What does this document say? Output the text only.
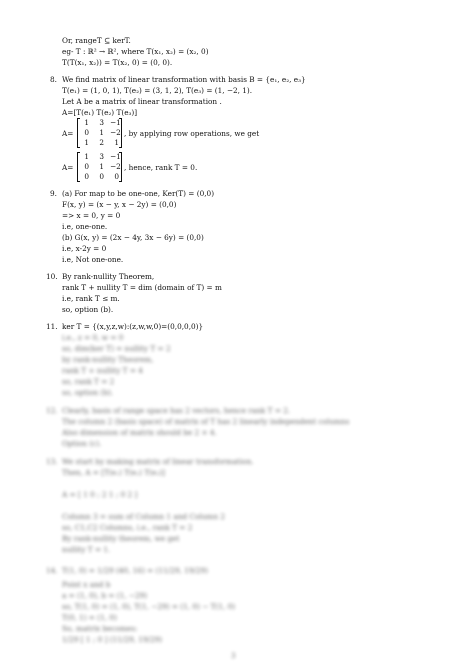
Or, rangeT ⊆ kerT.
eg- T : ℝ² → ℝ², where T(x₁, x₂) = (x₂, 0)
T(T(x₁, x₂)) = T(x₂, 0) = (0, 0).
8. We find matrix of linear transformation with basis B = {e₁, e₂, e₃}
T(e₁) = (1, 0, 1), T(e₂) = (3, 1, 2), T(e₃) = (1, −2, 1).
Let A be a matrix of linear transformation .
A=[T(e₁) T(e₂) T(e₃)]
A=
1	3 −1
0	1 −2
1	2	1
, by applying row operations, we get
A=
1	3 −1
0	1 −2
0	0	0
, hence, rank T = 0.
9. (a) For map to be one-one, Ker(T) = (0,0)
F(x, y) = (x − y, x − 2y) = (0,0)
=> x = 0, y = 0
i.e, one-one.
(b) G(x, y) = (2x − 4y, 3x − 6y) = (0,0)
i.e, x-2y = 0
i.e, Not one-one.
10. By rank-nullity Theorem,
rank T + nullity T = dim (domain of T) = m
i.e, rank T ≤ m.
so, option (b).
11. ker T = {(x,y,z,w):(z,w,w,0)=(0,0,0,0)}
i.e., z = 0, w = 0
so, dim(ker T) = nullity T = 2
by rank-nullity Theorem,
rank T + nullity T = 4
so, rank T = 2
so, option (b).
12. Clearly, basis of range space has 2 vectors, hence rank T = 2.
The column 2 (basis space) of matrix of T has 2 linearly independent columns
Also dimension of matrix should be 2 × 4.
Option (c).
13. We start by making matrix of linear transformation.
Then, A = [T(e₁) T(e₂) T(e₃)]
A = [ 1 0 ; 2 1 ; 0 2 ]
Column 3 = sum of Column 1 and Column 2
so, C1,C2 Columns, i.e., rank T = 2
By rank-nullity theorem, we get
nullity T = 1.
14. T(1, 0) = 1/29 (40, 16) = (11/29, 19/29)
Point x and b
a = (1, 0), b = (1, −29)
so, T(1, 0) = (1, 0), T(1, −29) = (1, 0) − T(1, 0)
T(0, 1) = (1, 0)
So, matrix becomes:
1/29 [ 1 ; 0 ] (11/29, 19/29)
3
